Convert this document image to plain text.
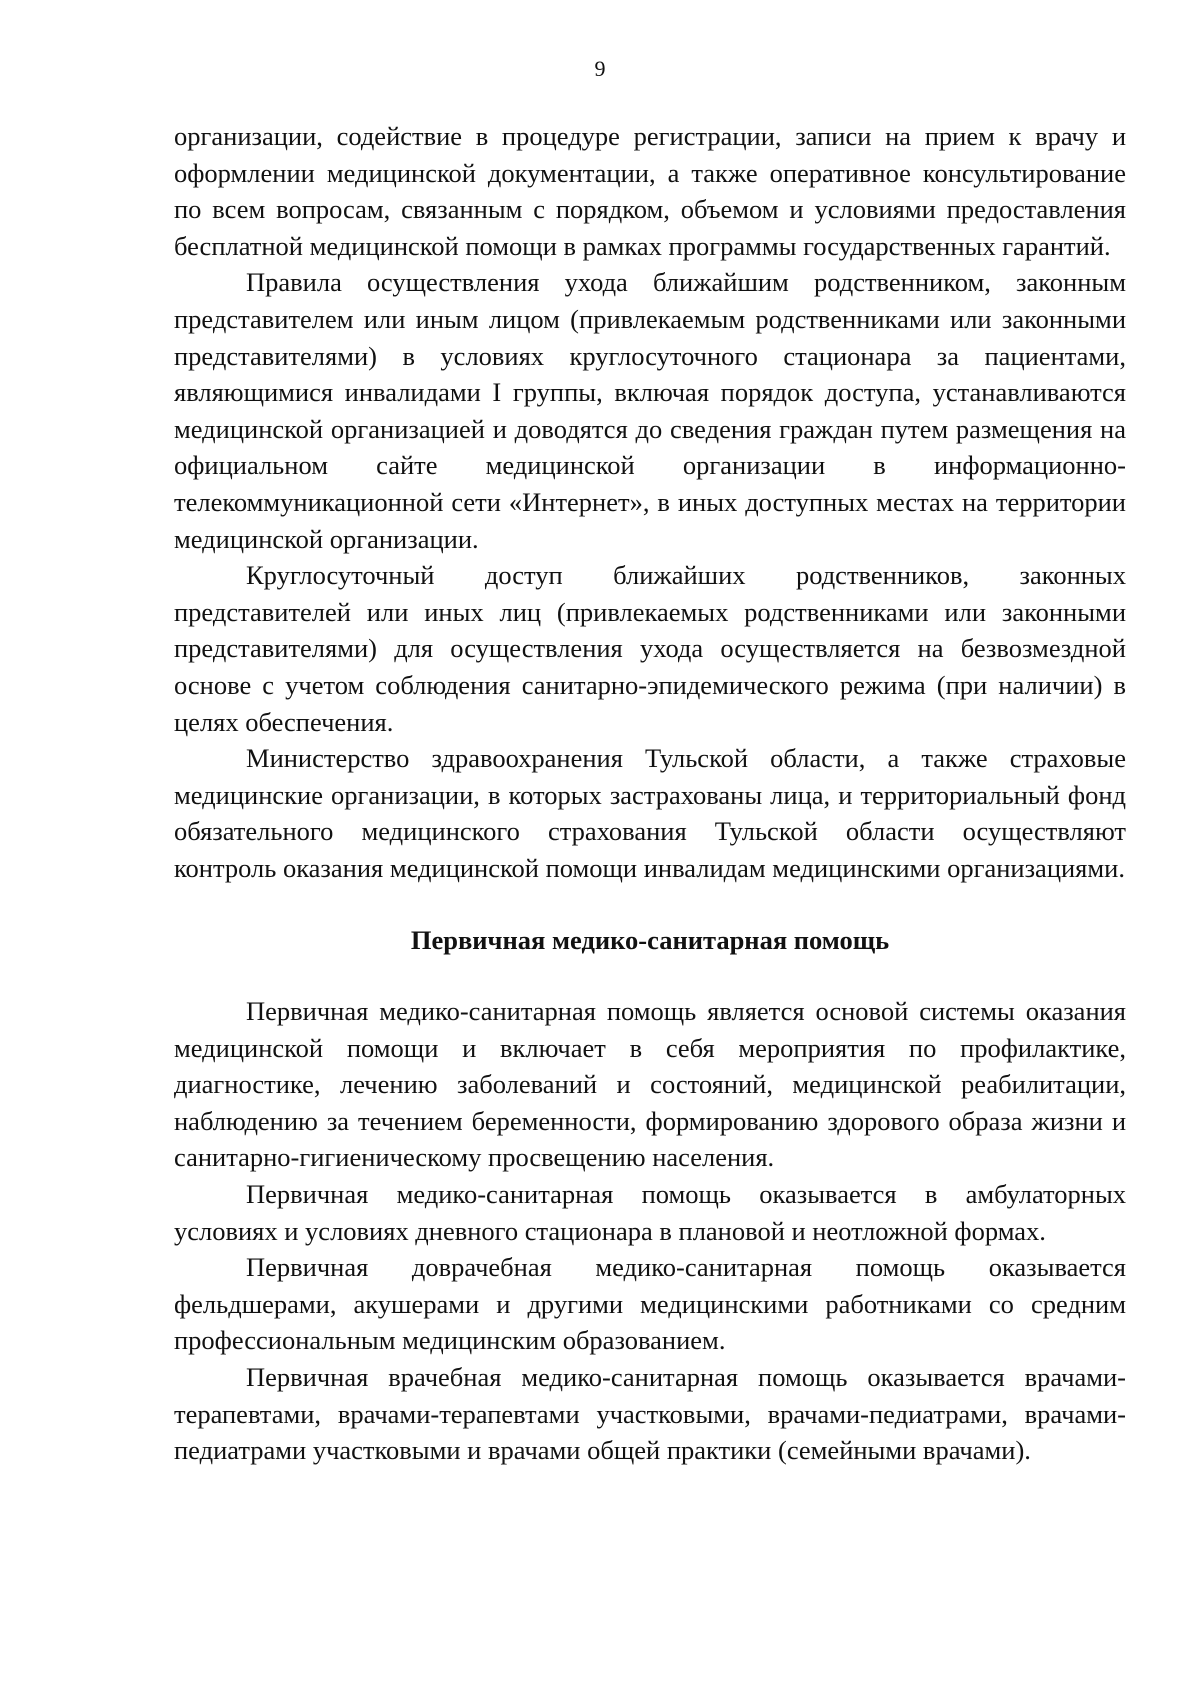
9

организации, содействие в процедуре регистрации, записи на прием к врачу и оформлении медицинской документации, а также оперативное консультирование по всем вопросам, связанным с порядком, объемом и условиями предоставления бесплатной медицинской помощи в рамках программы государственных гарантий.

Правила осуществления ухода ближайшим родственником, законным представителем или иным лицом (привлекаемым родственниками или законными представителями) в условиях круглосуточного стационара за пациентами, являющимися инвалидами I группы, включая порядок доступа, устанавливаются медицинской организацией и доводятся до сведения граждан путем размещения на официальном сайте медицинской организации в информационно-телекоммуникационной сети «Интернет», в иных доступных местах на территории медицинской организации.

Круглосуточный доступ ближайших родственников, законных представителей или иных лиц (привлекаемых родственниками или законными представителями) для осуществления ухода осуществляется на безвозмездной основе с учетом соблюдения санитарно-эпидемического режима (при наличии) в целях обеспечения.

Министерство здравоохранения Тульской области, а также страховые медицинские организации, в которых застрахованы лица, и территориальный фонд обязательного медицинского страхования Тульской области осуществляют контроль оказания медицинской помощи инвалидам медицинскими организациями.

Первичная медико-санитарная помощь

Первичная медико-санитарная помощь является основой системы оказания медицинской помощи и включает в себя мероприятия по профилактике, диагностике, лечению заболеваний и состояний, медицинской реабилитации, наблюдению за течением беременности, формированию здорового образа жизни и санитарно-гигиеническому просвещению населения.

Первичная медико-санитарная помощь оказывается в амбулаторных условиях и условиях дневного стационара в плановой и неотложной формах.

Первичная доврачебная медико-санитарная помощь оказывается фельдшерами, акушерами и другими медицинскими работниками со средним профессиональным медицинским образованием.

Первичная врачебная медико-санитарная помощь оказывается врачами-терапевтами, врачами-терапевтами участковыми, врачами-педиатрами, врачами-педиатрами участковыми и врачами общей практики (семейными врачами).
